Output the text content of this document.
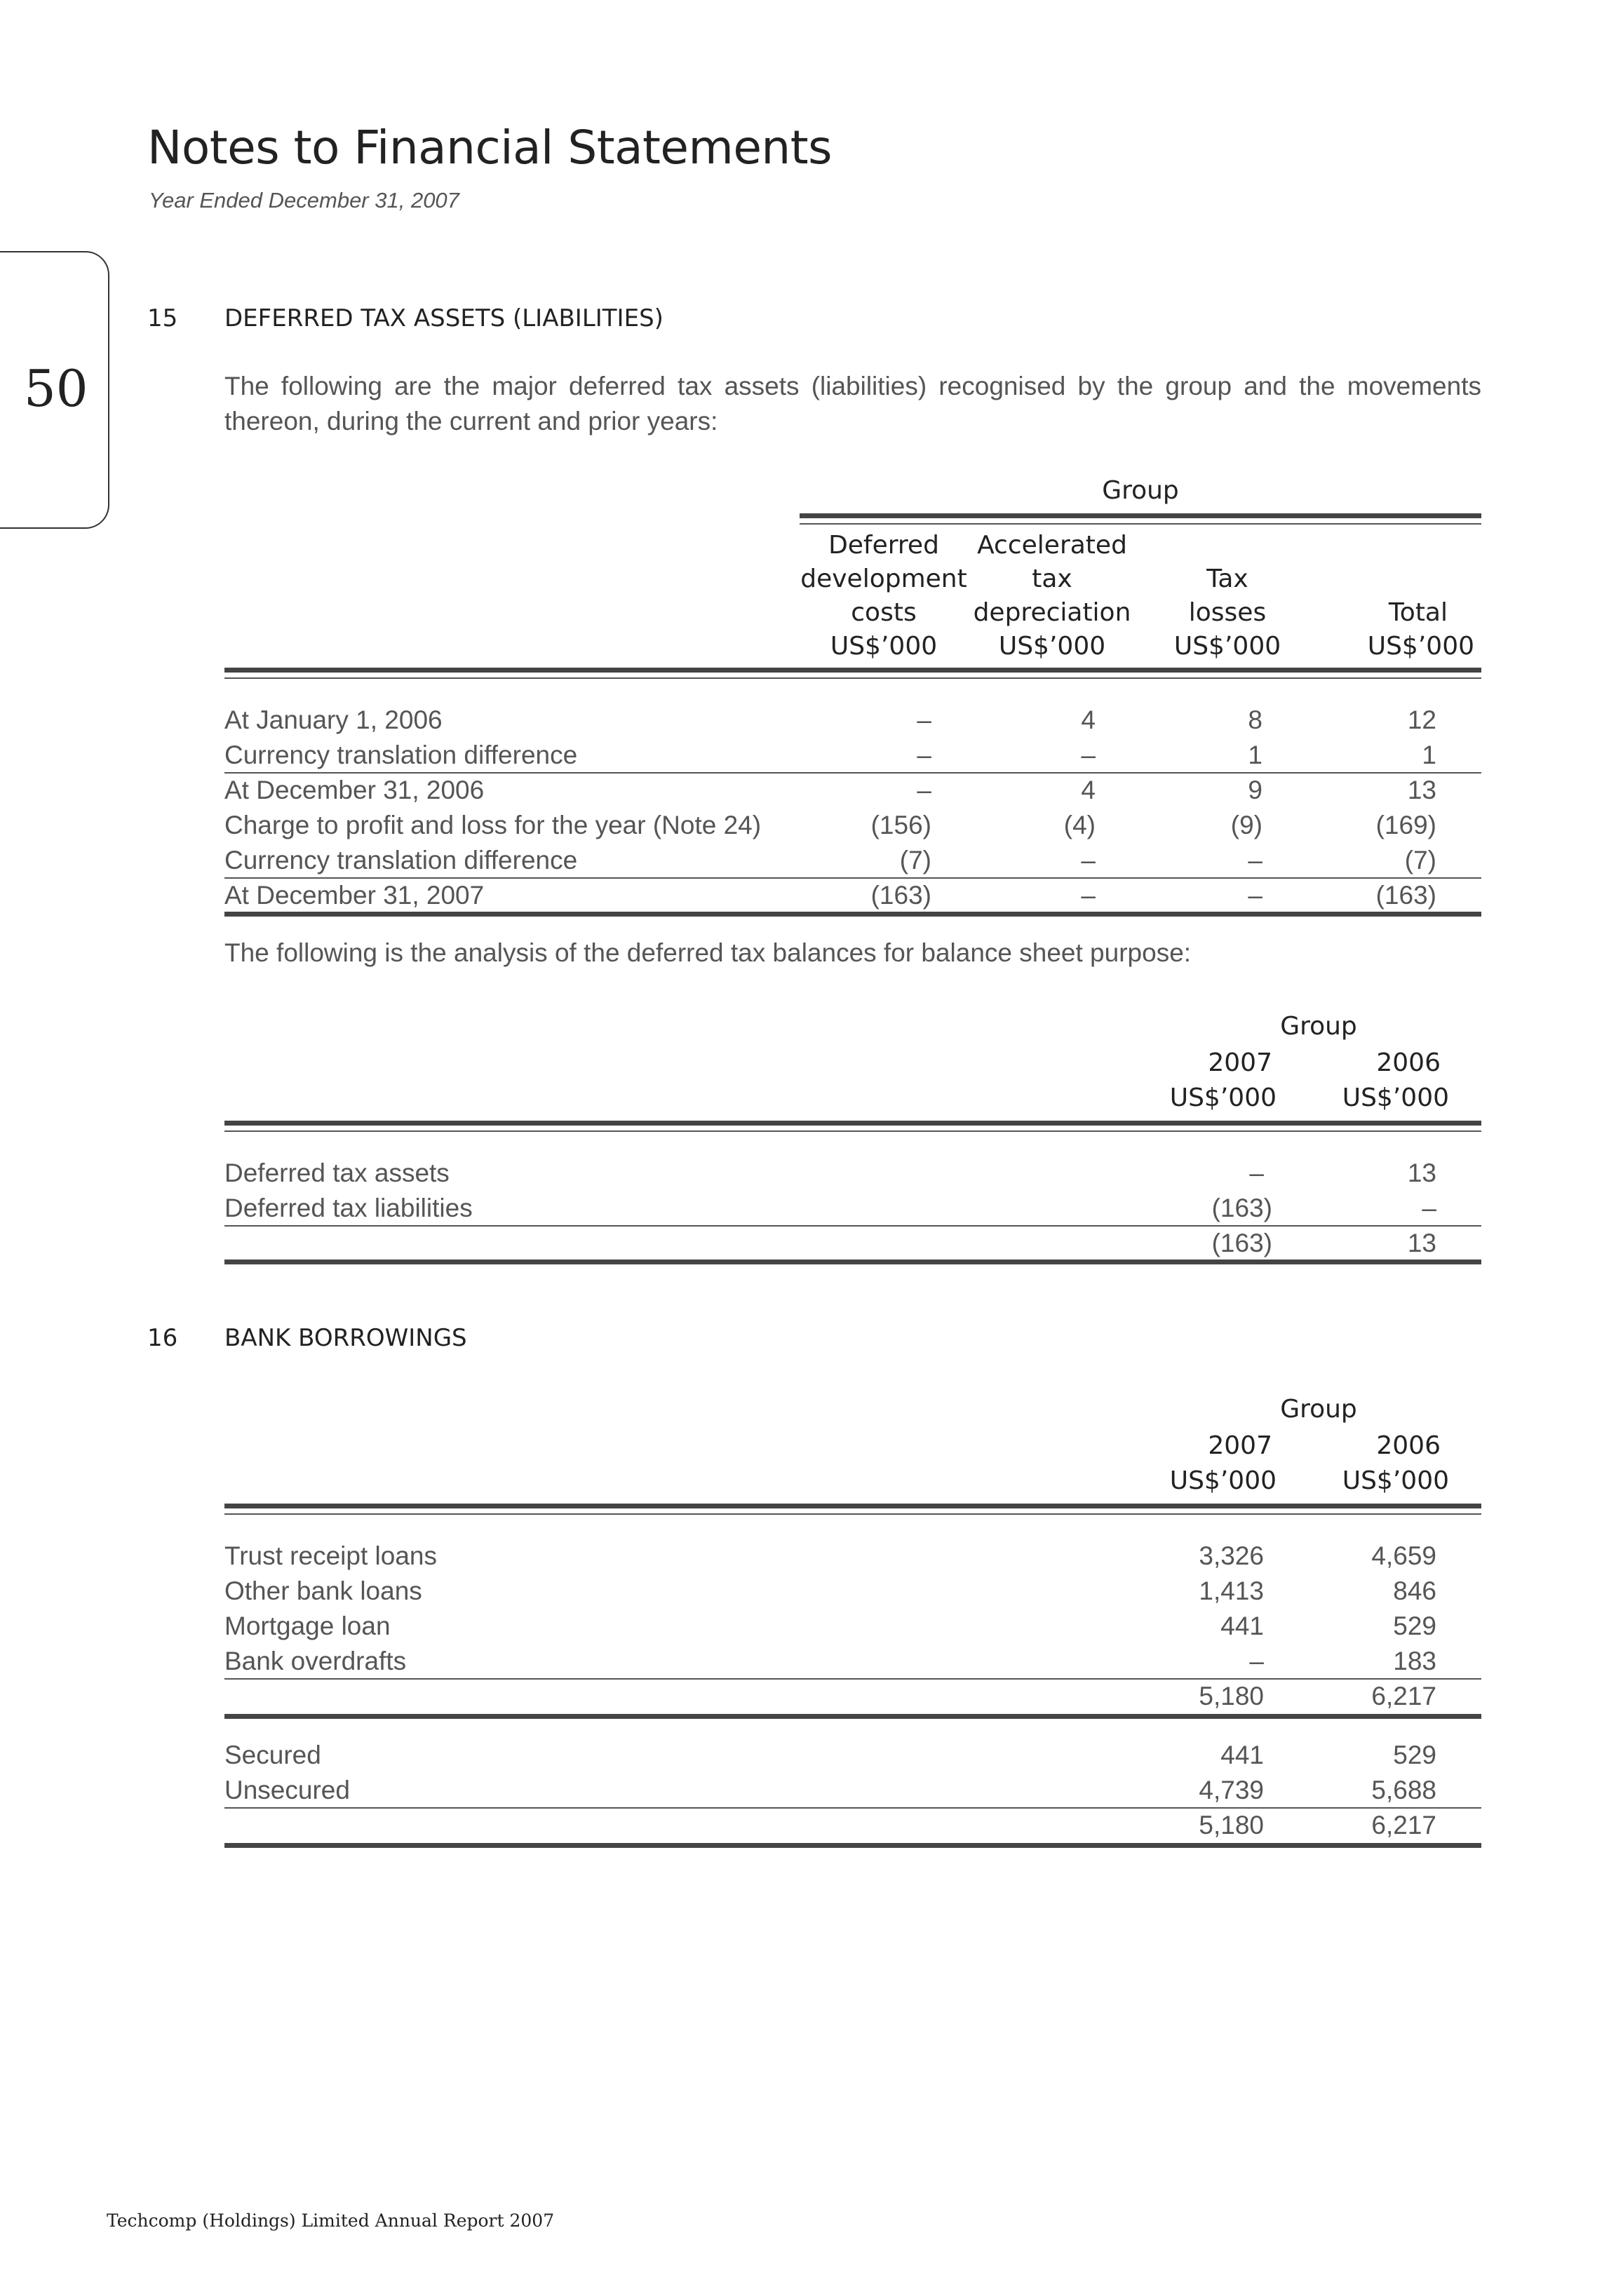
Notes to Financial Statements
Year Ended December 31, 2007
50
15 DEFERRED TAX ASSETS (LIABILITIES)
The following are the major deferred tax assets (liabilities) recognised by the group and the movements thereon, during the current and prior years:
Group
Deferred
development
costs
US$’000
Accelerated
tax
depreciation
US$’000
Tax
losses
US$’000
Total
US$’000
At January 1, 2006	–	4	8	12
Currency translation difference	–	–	1	1
At December 31, 2006	–	4	9	13
Charge to profit and loss for the year (Note 24)	(156)	(4)	(9)	(169)
Currency translation difference	(7)	–	–	(7)
At December 31, 2007	(163)	–	–	(163)
The following is the analysis of the deferred tax balances for balance sheet purpose:
Group
2007	2006
US$’000	US$’000
Deferred tax assets	–	13
Deferred tax liabilities	(163)	–
(163)	13
16 BANK BORROWINGS
Group
2007	2006
US$’000	US$’000
Trust receipt loans	3,326	4,659
Other bank loans	1,413	846
Mortgage loan	441	529
Bank overdrafts	–	183
5,180	6,217
Secured	441	529
Unsecured	4,739	5,688
5,180	6,217
Techcomp (Holdings) Limited Annual Report 2007
